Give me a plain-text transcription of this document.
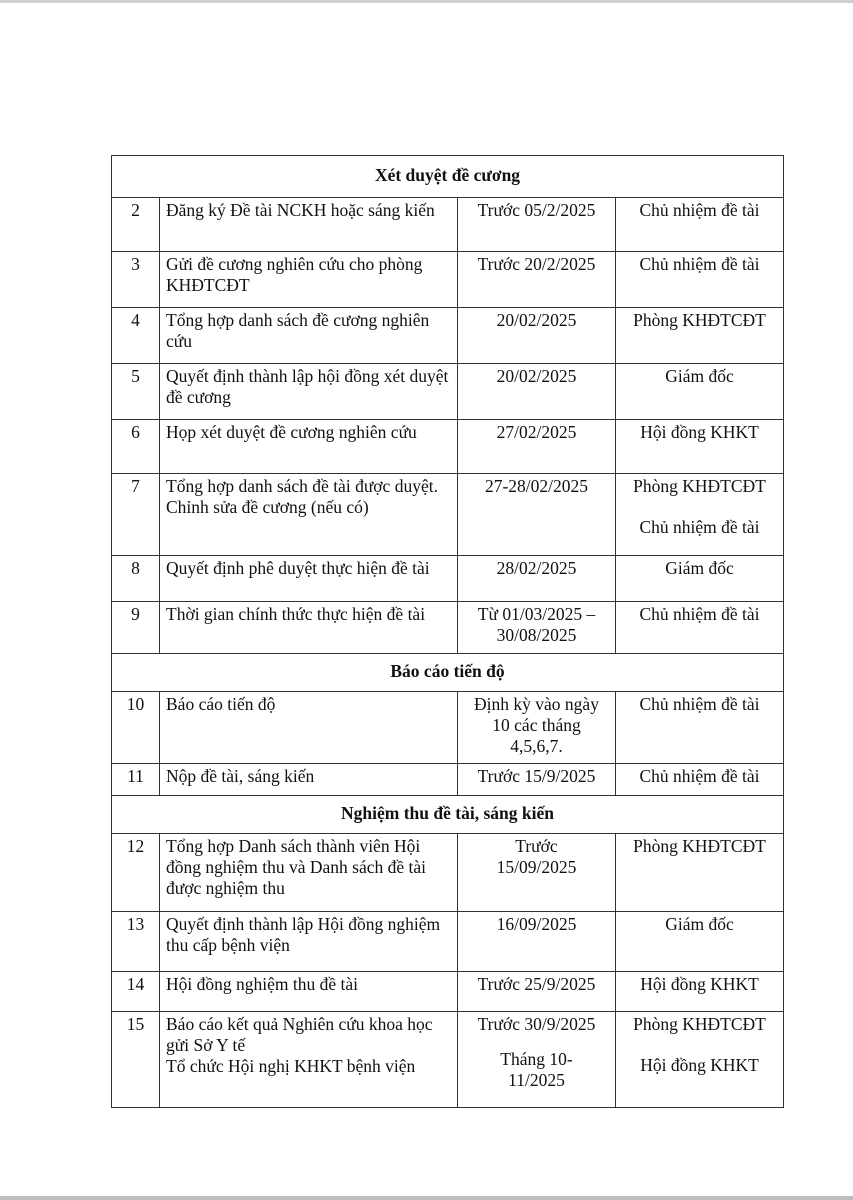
Xét duyệt đề cương			
2	Đăng ký Đề tài NCKH hoặc sáng kiến	Trước 05/2/2025	Chủ nhiệm đề tài
3	Gửi đề cương nghiên cứu cho phòng KHĐTCĐT	Trước 20/2/2025	Chủ nhiệm đề tài
4	Tổng hợp danh sách đề cương nghiên cứu	20/02/2025	Phòng KHĐTCĐT
5	Quyết định thành lập hội đồng xét duyệt đề cương	20/02/2025	Giám đốc
6	Họp xét duyệt đề cương nghiên cứu	27/02/2025	Hội đồng KHKT
7	Tổng hợp danh sách đề tài được duyệt.
Chỉnh sửa đề cương (nếu có)	27-28/02/2025	Phòng KHĐTCĐT
Chủ nhiệm đề tài

8	Quyết định phê duyệt thực hiện đề tài	28/02/2025	Giám đốc
9	Thời gian chính thức thực hiện đề tài	Từ 01/03/2025 –
30/08/2025	Chủ nhiệm đề tài
Báo cáo tiến độ			
10	Báo cáo tiến độ	Định kỳ vào ngày
10 các tháng
4,5,6,7.	Chủ nhiệm đề tài
11	Nộp đề tài, sáng kiến	Trước 15/9/2025	Chủ nhiệm đề tài
Nghiệm thu đề tài, sáng kiến			
12	Tổng hợp Danh sách thành viên Hội đồng nghiệm thu và Danh sách đề tài được nghiệm thu	Trước
15/09/2025	Phòng KHĐTCĐT
13	Quyết định thành lập Hội đồng nghiệm thu cấp bệnh viện	16/09/2025	Giám đốc
14	Hội đồng nghiệm thu đề tài	Trước 25/9/2025	Hội đồng KHKT
15	Báo cáo kết quả Nghiên cứu khoa học gửi Sở Y tế
Tổ chức Hội nghị KHKT bệnh viện	Trước 30/9/2025
Tháng 10-
11/2025	Phòng KHĐTCĐT
Hội đồng KHKT
